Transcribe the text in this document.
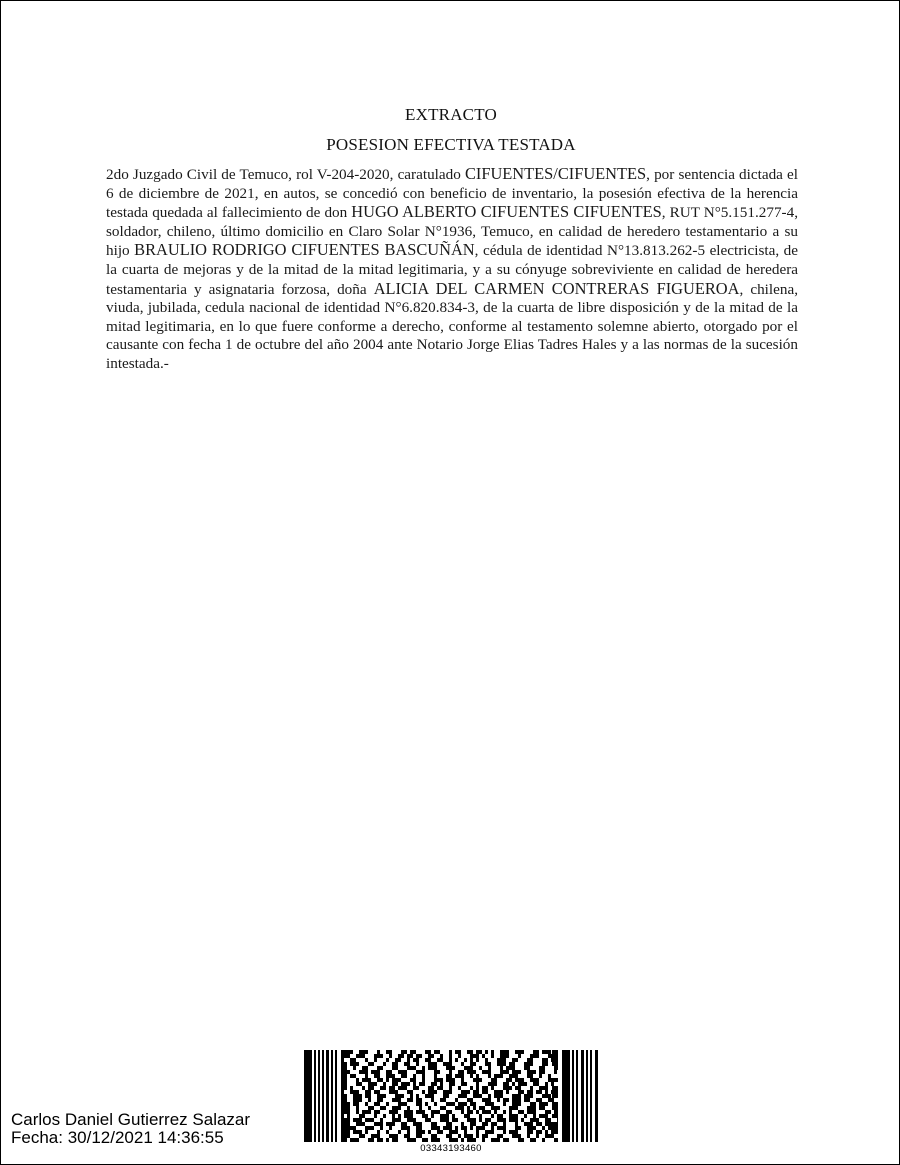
EXTRACTO
POSESION EFECTIVA TESTADA

2do Juzgado Civil de Temuco, rol V-204-2020, caratulado CIFUENTES/CIFUENTES, por sentencia dictada el 6 de diciembre de 2021, en autos, se concedió con beneficio de inventario, la posesión efectiva de la herencia testada quedada al fallecimiento de don HUGO ALBERTO CIFUENTES CIFUENTES, RUT N°5.151.277-4, soldador, chileno, último domicilio en Claro Solar N°1936, Temuco, en calidad de heredero testamentario a su hijo BRAULIO RODRIGO CIFUENTES BASCUÑÁN, cédula de identidad N°13.813.262-5 electricista, de la cuarta de mejoras y de la mitad de la mitad legitimaria, y a su cónyuge sobreviviente en calidad de heredera testamentaria y asignataria forzosa, doña ALICIA DEL CARMEN CONTRERAS FIGUEROA, chilena, viuda, jubilada, cedula nacional de identidad N°6.820.834-3, de la cuarta de libre disposición y de la mitad de la mitad legitimaria, en lo que fuere conforme a derecho, conforme al testamento solemne abierto, otorgado por el causante con fecha 1 de octubre del año 2004 ante Notario Jorge Elias Tadres Hales y a las normas de la sucesión intestada.-

Carlos Daniel Gutierrez Salazar
Fecha: 30/12/2021 14:36:55
03343193460
